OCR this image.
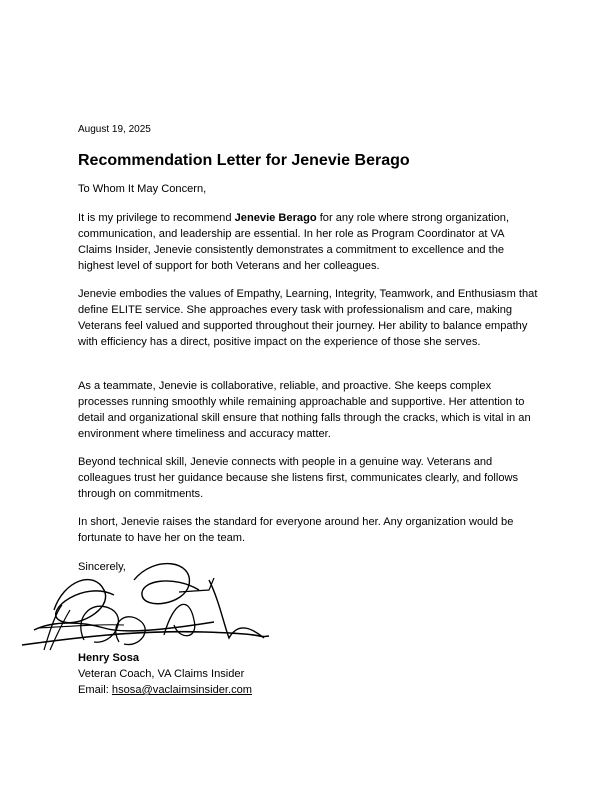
August 19, 2025
Recommendation Letter for Jenevie Berago
To Whom It May Concern,

It is my privilege to recommend Jenevie Berago for any role where strong organization, communication, and leadership are essential. In her role as Program Coordinator at VA Claims Insider, Jenevie consistently demonstrates a commitment to excellence and the highest level of support for both Veterans and her colleagues.

Jenevie embodies the values of Empathy, Learning, Integrity, Teamwork, and Enthusiasm that define ELITE service. She approaches every task with professionalism and care, making Veterans feel valued and supported throughout their journey. Her ability to balance empathy with efficiency has a direct, positive impact on the experience of those she serves.

As a teammate, Jenevie is collaborative, reliable, and proactive. She keeps complex processes running smoothly while remaining approachable and supportive. Her attention to detail and organizational skill ensure that nothing falls through the cracks, which is vital in an environment where timeliness and accuracy matter.

Beyond technical skill, Jenevie connects with people in a genuine way. Veterans and colleagues trust her guidance because she listens first, communicates clearly, and follows through on commitments.

In short, Jenevie raises the standard for everyone around her. Any organization would be fortunate to have her on the team.

Sincerely,
Henry Sosa
Veteran Coach, VA Claims Insider
Email: hsosa@vaclaimsinsider.com
